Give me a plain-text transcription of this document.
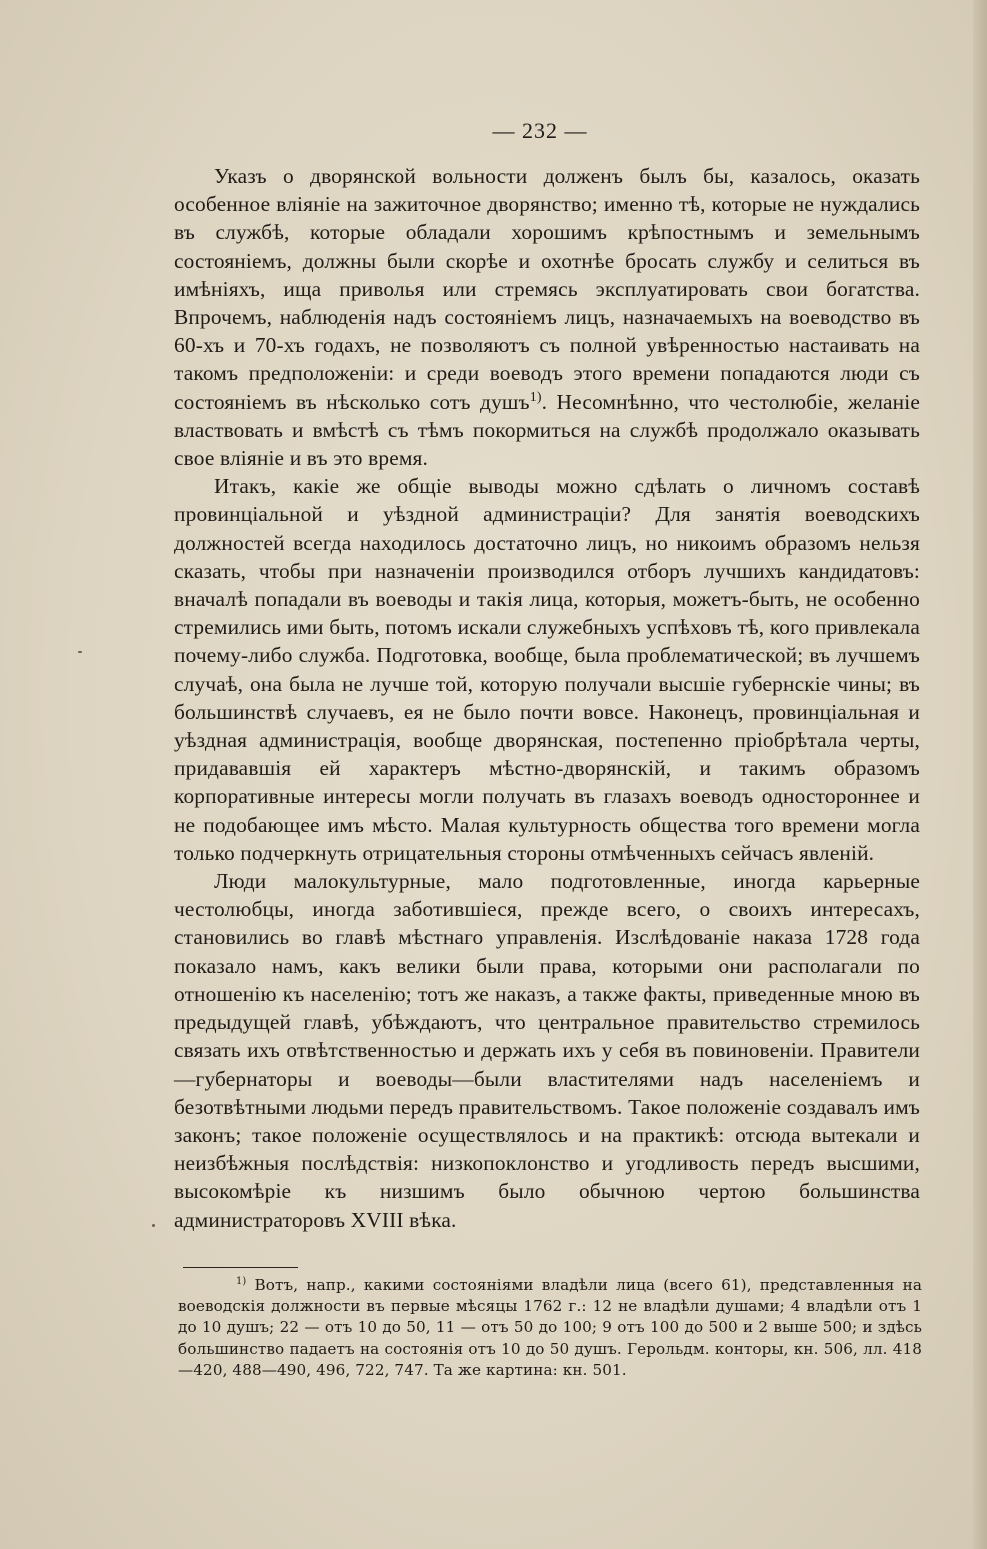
— 232 —

Указъ о дворянской вольности долженъ былъ бы, казалось, оказать особенное вліяніе на зажиточное дворянство; именно тѣ, которые не нуждались въ службѣ, которые обладали хорошимъ крѣпостнымъ и земельнымъ состояніемъ, должны были скорѣе и охотнѣе бросать службу и селиться въ имѣніяхъ, ища приволья или стремясь эксплуатировать свои богатства. Впрочемъ, наблюденія надъ состояніемъ лицъ, назначаемыхъ на воеводство въ 60-хъ и 70-хъ годахъ, не позволяютъ съ полной увѣренностью настаивать на такомъ предположеніи: и среди воеводъ этого времени попадаются люди съ состояніемъ въ нѣсколько сотъ душъ$^{1)}$. Несомнѣнно, что честолюбіе, желаніе властвовать и вмѣстѣ съ тѣмъ покормиться на службѣ продолжало оказывать свое вліяніе и въ это время.

Итакъ, какіе же общіе выводы можно сдѣлать о личномъ составѣ провинціальной и уѣздной администраціи? Для занятія воеводскихъ должностей всегда находилось достаточно лицъ, но никоимъ образомъ нельзя сказать, чтобы при назначеніи производился отборъ лучшихъ кандидатовъ: вначалѣ попадали въ воеводы и такія лица, которыя, можетъ-быть, не особенно стремились ими быть, потомъ искали служебныхъ успѣховъ тѣ, кого привлекала почему-либо служба. Подготовка, вообще, была проблематической; въ лучшемъ случаѣ, она была не лучше той, которую получали высшіе губернскіе чины; въ большинствѣ случаевъ, ея не было почти вовсе. Наконецъ, провинціальная и уѣздная администрація, вообще дворянская, постепенно пріобрѣтала черты, придававшія ей характеръ мѣстно-дворянскій, и такимъ образомъ корпоративные интересы могли получать въ глазахъ воеводъ одностороннее и не подобающее имъ мѣсто. Малая культурность общества того времени могла только подчеркнуть отрицательныя стороны отмѣченныхъ сейчасъ явленій.

Люди малокультурные, мало подготовленные, иногда карьерные честолюбцы, иногда заботившіеся, прежде всего, о своихъ интересахъ, становились во главѣ мѣстнаго управленія. Изслѣдованіе наказа 1728 года показало намъ, какъ велики были права, которыми они располагали по отношенію къ населенію; тотъ же наказъ, а также факты, приведенные мною въ предыдущей главѣ, убѣждаютъ, что центральное правительство стремилось связать ихъ отвѣтственностью и держать ихъ у себя въ повиновеніи. Правители—губернаторы и воеводы—были властителями надъ населеніемъ и безотвѣтными людьми передъ правительствомъ. Такое положеніе создавалъ имъ законъ; такое положеніе осуществлялось и на практикѣ: отсюда вытекали и неизбѣжныя послѣдствія: низкопоклонство и угодливость передъ высшими, высокомѣріе къ низшимъ было обычною чертою большинства администраторовъ XVIII вѣка.

$^{1)}$ Вотъ, напр., какими состояніями владѣли лица (всего 61), представленныя на воеводскія должности въ первые мѣсяцы 1762 г.: 12 не владѣли душами; 4 владѣли отъ 1 до 10 душъ; 22 — отъ 10 до 50, 11 — отъ 50 до 100; 9 отъ 100 до 500 и 2 выше 500; и здѣсь большинство падаетъ на состоянія отъ 10 до 50 душъ. Герольдм. конторы, кн. 506, лл. 418—420, 488—490, 496, 722, 747. Та же картина: кн. 501.
